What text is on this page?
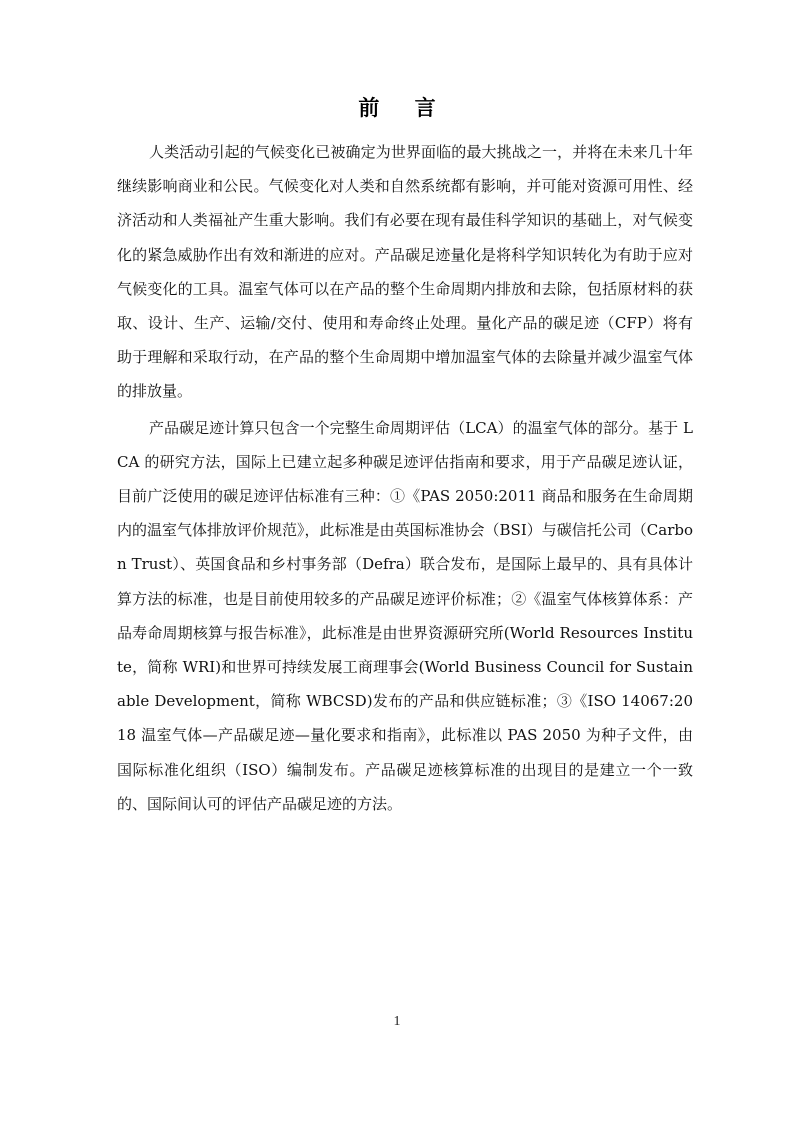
前 言

人类活动引起的气候变化已被确定为世界面临的最大挑战之一，并将在未来几十年继续影响商业和公民。气候变化对人类和自然系统都有影响，并可能对资源可用性、经济活动和人类福祉产生重大影响。我们有必要在现有最佳科学知识的基础上，对气候变化的紧急威胁作出有效和渐进的应对。产品碳足迹量化是将科学知识转化为有助于应对气候变化的工具。温室气体可以在产品的整个生命周期内排放和去除，包括原材料的获取、设计、生产、运输/交付、使用和寿命终止处理。量化产品的碳足迹（CFP）将有助于理解和采取行动，在产品的整个生命周期中增加温室气体的去除量并减少温室气体的排放量。

产品碳足迹计算只包含一个完整生命周期评估（LCA）的温室气体的部分。基于 LCA 的研究方法，国际上已建立起多种碳足迹评估指南和要求，用于产品碳足迹认证，目前广泛使用的碳足迹评估标准有三种：①《PAS 2050:2011 商品和服务在生命周期内的温室气体排放评价规范》，此标准是由英国标准协会（BSI）与碳信托公司（Carbon Trust）、英国食品和乡村事务部（Defra）联合发布，是国际上最早的、具有具体计算方法的标准，也是目前使用较多的产品碳足迹评价标准；②《温室气体核算体系：产品寿命周期核算与报告标准》，此标准是由世界资源研究所(World Resources Institute，简称 WRI)和世界可持续发展工商理事会(World Business Council for Sustainable Development，简称 WBCSD)发布的产品和供应链标准；③《ISO 14067:2018 温室气体—产品碳足迹—量化要求和指南》，此标准以 PAS 2050 为种子文件，由国际标准化组织（ISO）编制发布。产品碳足迹核算标准的出现目的是建立一个一致的、国际间认可的评估产品碳足迹的方法。

1
